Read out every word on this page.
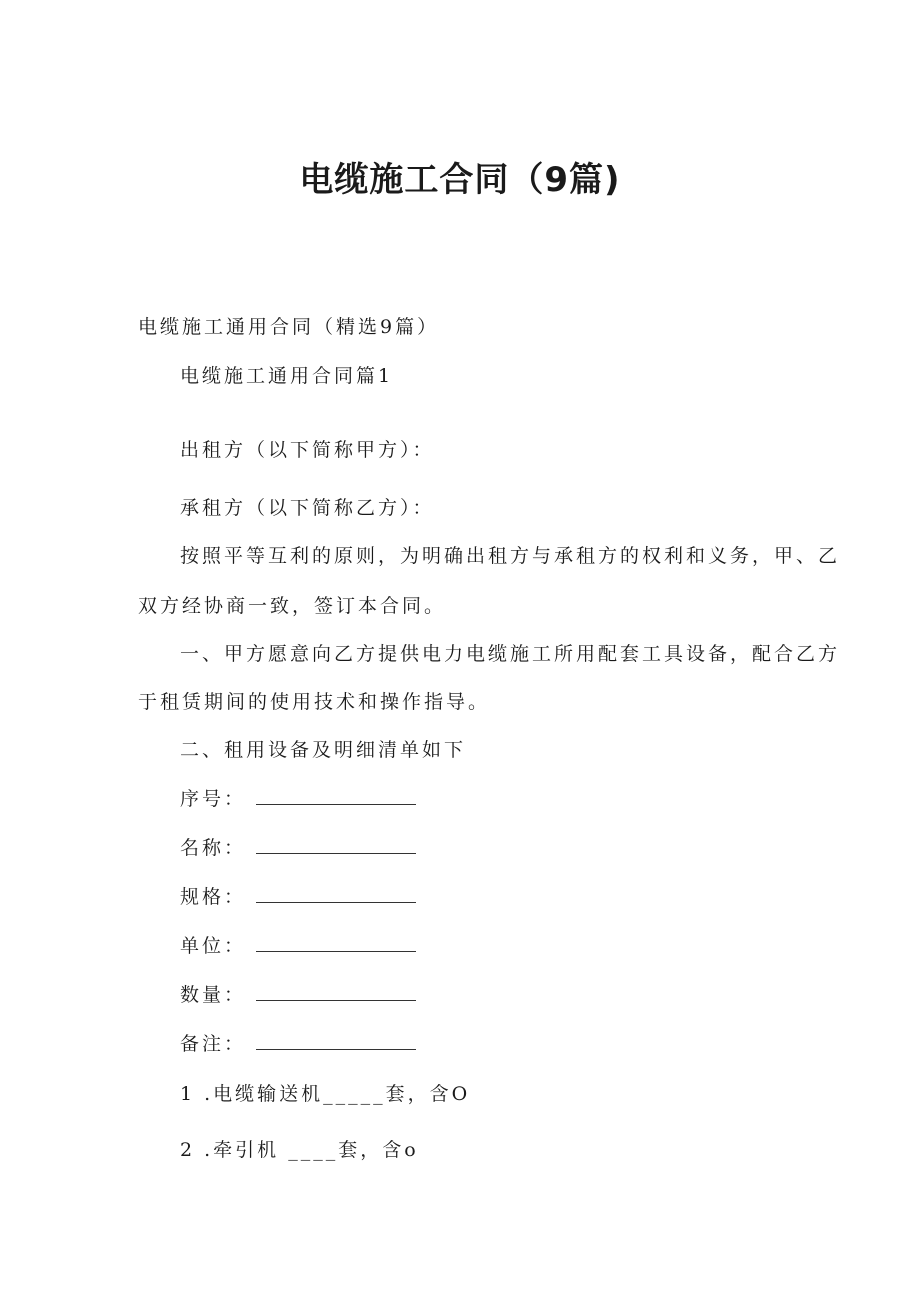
电缆施工合同（9篇)

电缆施工通用合同（精选9篇）

电缆施工通用合同篇1

出租方（以下简称甲方）：

承租方（以下简称乙方）：

按照平等互利的原则，为明确出租方与承租方的权利和义务，甲、乙

双方经协商一致，签订本合同。

一、甲方愿意向乙方提供电力电缆施工所用配套工具设备，配合乙方

于租赁期间的使用技术和操作指导。

二、租用设备及明细清单如下

序号：
名称：
规格：
单位：
数量：
备注：

1 .电缆输送机_____套，含O

2 .牵引机 ____套，含o
